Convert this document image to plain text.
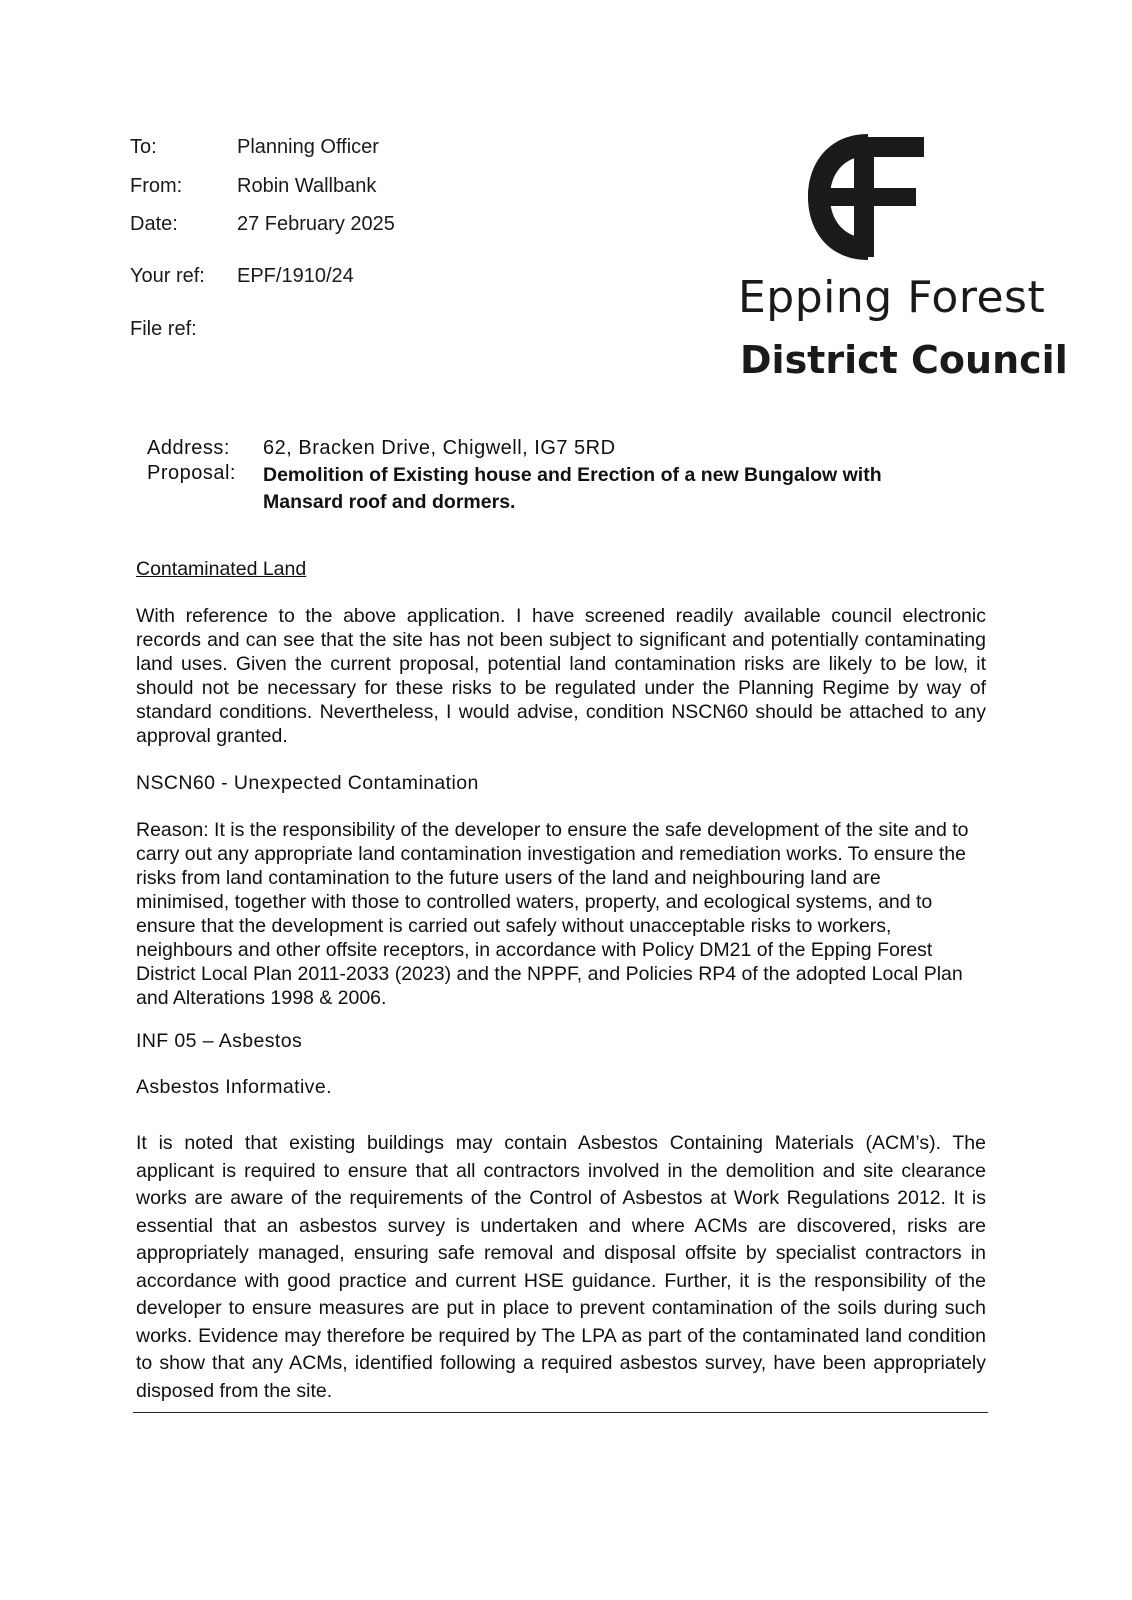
To:	Planning Officer
From:	Robin Wallbank
Date:	27 February 2025
Your ref: EPF/1910/24
File ref:
Epping Forest
District Council
Address: 62, Bracken Drive, Chigwell, IG7 5RD
Proposal: Demolition of Existing house and Erection of a new Bungalow with Mansard roof and dormers.
Contaminated Land
With reference to the above application. I have screened readily available council electronic records and can see that the site has not been subject to significant and potentially contaminating land uses. Given the current proposal, potential land contamination risks are likely to be low, it should not be necessary for these risks to be regulated under the Planning Regime by way of standard conditions. Nevertheless, I would advise, condition NSCN60 should be attached to any approval granted.
NSCN60 - Unexpected Contamination
Reason: It is the responsibility of the developer to ensure the safe development of the site and to carry out any appropriate land contamination investigation and remediation works. To ensure the risks from land contamination to the future users of the land and neighbouring land are minimised, together with those to controlled waters, property, and ecological systems, and to ensure that the development is carried out safely without unacceptable risks to workers, neighbours and other offsite receptors, in accordance with Policy DM21 of the Epping Forest District Local Plan 2011-2033 (2023) and the NPPF, and Policies RP4 of the adopted Local Plan and Alterations 1998 & 2006.
INF 05 – Asbestos
Asbestos Informative.
It is noted that existing buildings may contain Asbestos Containing Materials (ACM’s). The applicant is required to ensure that all contractors involved in the demolition and site clearance works are aware of the requirements of the Control of Asbestos at Work Regulations 2012. It is essential that an asbestos survey is undertaken and where ACMs are discovered, risks are appropriately managed, ensuring safe removal and disposal offsite by specialist contractors in accordance with good practice and current HSE guidance. Further, it is the responsibility of the developer to ensure measures are put in place to prevent contamination of the soils during such works. Evidence may therefore be required by The LPA as part of the contaminated land condition to show that any ACMs, identified following a required asbestos survey, have been appropriately disposed from the site.
